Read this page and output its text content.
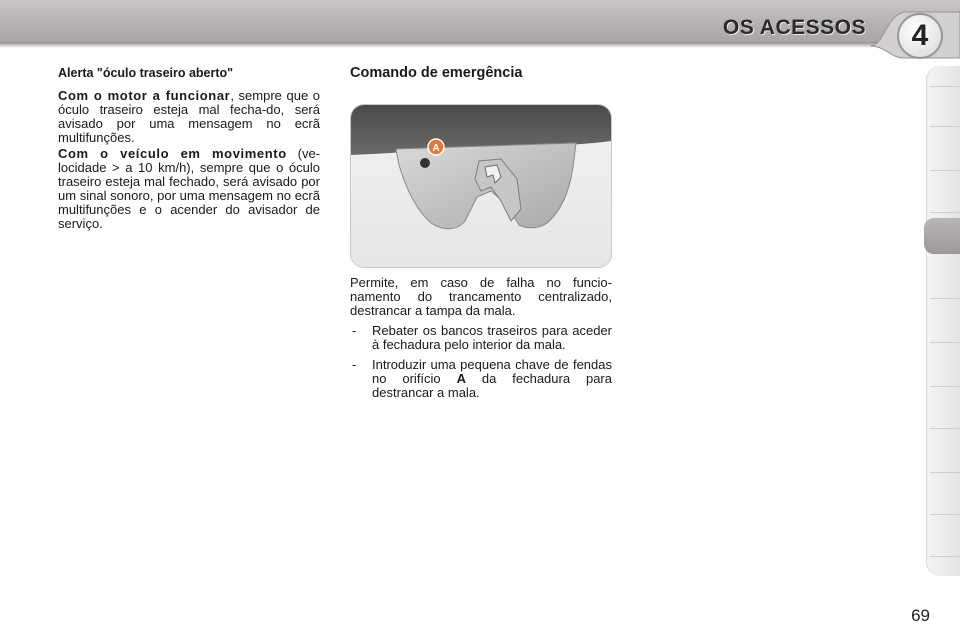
OS ACESSOS	4
Alerta "óculo traseiro aberto"

Com o motor a funcionar, sempre que o óculo traseiro esteja mal fecha-do, será avisado por uma mensagem no ecrã multifunções.

Com o veículo em movimento (ve-locidade > a 10 km/h), sempre que o óculo traseiro esteja mal fechado, será avisado por um sinal sonoro, por uma mensagem no ecrã multifunções e o acender do avisador de serviço.

Comando de emergência
A

Permite, em caso de falha no funcio-namento do trancamento centralizado, destrancar a tampa da mala.

- Rebater os bancos traseiros para aceder à fechadura pelo interior da mala.
- Introduzir uma pequena chave de fendas no orifício A da fechadura para destrancar a mala.
69
